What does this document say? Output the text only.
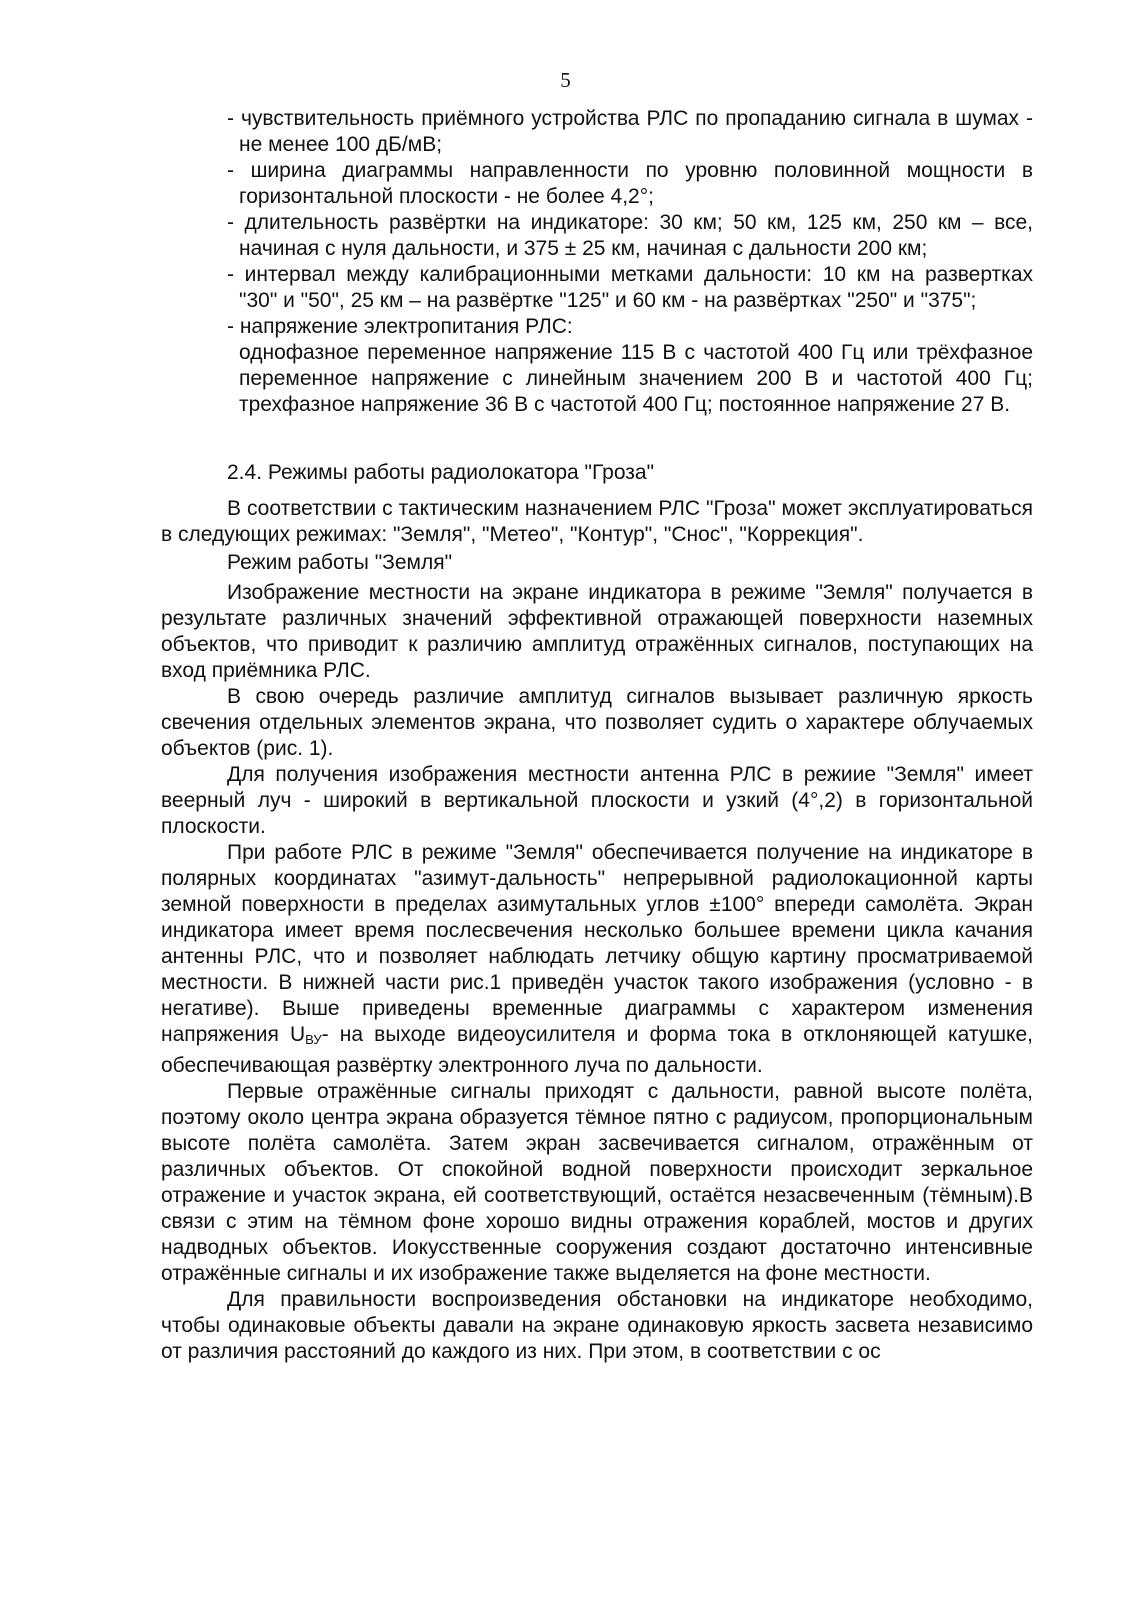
5
- чувствительность приёмного устройства РЛС по пропаданию сигнала в шумах - не менее 100 дБ/мВ;
- ширина диаграммы направленности по уровню половинной мощности в горизонтальной плоскости - не более 4,2°;
- длительность развёртки на индикаторе: 30 км; 50 км, 125 км, 250 км – все, начиная с нуля дальности, и 375 ± 25 км, начиная с дальности 200 км;
- интервал между калибрационными метками дальности: 10 км на развертках "30" и "50", 25 км – на развёртке "125" и 60 км - на развёртках "250" и "375";
- напряжение электропитания РЛС:
однофазное переменное напряжение 115 В с частотой 400 Гц или трёхфазное переменное напряжение с линейным значением 200 В и частотой 400 Гц; трехфазное напряжение 36 В с частотой 400 Гц; постоянное напряжение 27 В.
2.4. Режимы работы радиолокатора "Гроза"

В соответствии с тактическим назначением РЛС "Гроза" может эксплуатироваться в следующих режимах: "Земля", "Метео", "Контур", "Снос", "Коррекция".

Режим работы "Земля"

Изображение местности на экране индикатора в режиме "Земля" получается в результате различных значений эффективной отражающей поверхности наземных объектов, что приводит к различию амплитуд отражённых сигналов, поступающих на вход приёмника РЛС.

В свою очередь различие амплитуд сигналов вызывает различную яркость свечения отдельных элементов экрана, что позволяет судить о характере облучаемых объектов (рис. 1).

Для получения изображения местности антенна РЛС в режиие "Земля" имеет веерный луч - широкий в вертикальной плоскости и узкий (4°,2) в горизонтальной плоскости.

При работе РЛС в режиме "Земля" обеспечивается получение на индикаторе в полярных координатах "азимут-дальность" непрерывной радиолокационной карты земной поверхности в пределах азимутальных углов ±100° впереди самолёта. Экран индикатора имеет время послесвечения несколько большее времени цикла качания антенны РЛС, что и позволяет наблюдать летчику общую картину просматриваемой местности. В нижней части рис.1 приведён участок такого изображения (условно - в негативе). Выше приведены временные диаграммы с характером изменения напряжения $U_{ВУ}-$ на выходе видеоусилителя и форма тока в отклоняющей катушке, обеспечивающая развёртку электронного луча по дальности.

Первые отражённые сигналы приходят с дальности, равной высоте полёта, поэтому около центра экрана образуется тёмное пятно с радиусом, пропорциональным высоте полёта самолёта. Затем экран засвечивается сигналом, отражённым от различных объектов. От спокойной водной поверхности происходит зеркальное отражение и участок экрана, ей соответствующий, остаётся незасвеченным (тёмным).В связи с этим на тёмном фоне хорошо видны отражения кораблей, мостов и других надводных объектов. Иокусственные сооружения создают достаточно интенсивные отражённые сигналы и их изображение также выделяется на фоне местности.

Для правильности воспроизведения обстановки на индикаторе необходимо, чтобы одинаковые объекты давали на экране одинаковую яркость засвета независимо от различия расстояний до каждого из них. При этом, в соответствии с ос
